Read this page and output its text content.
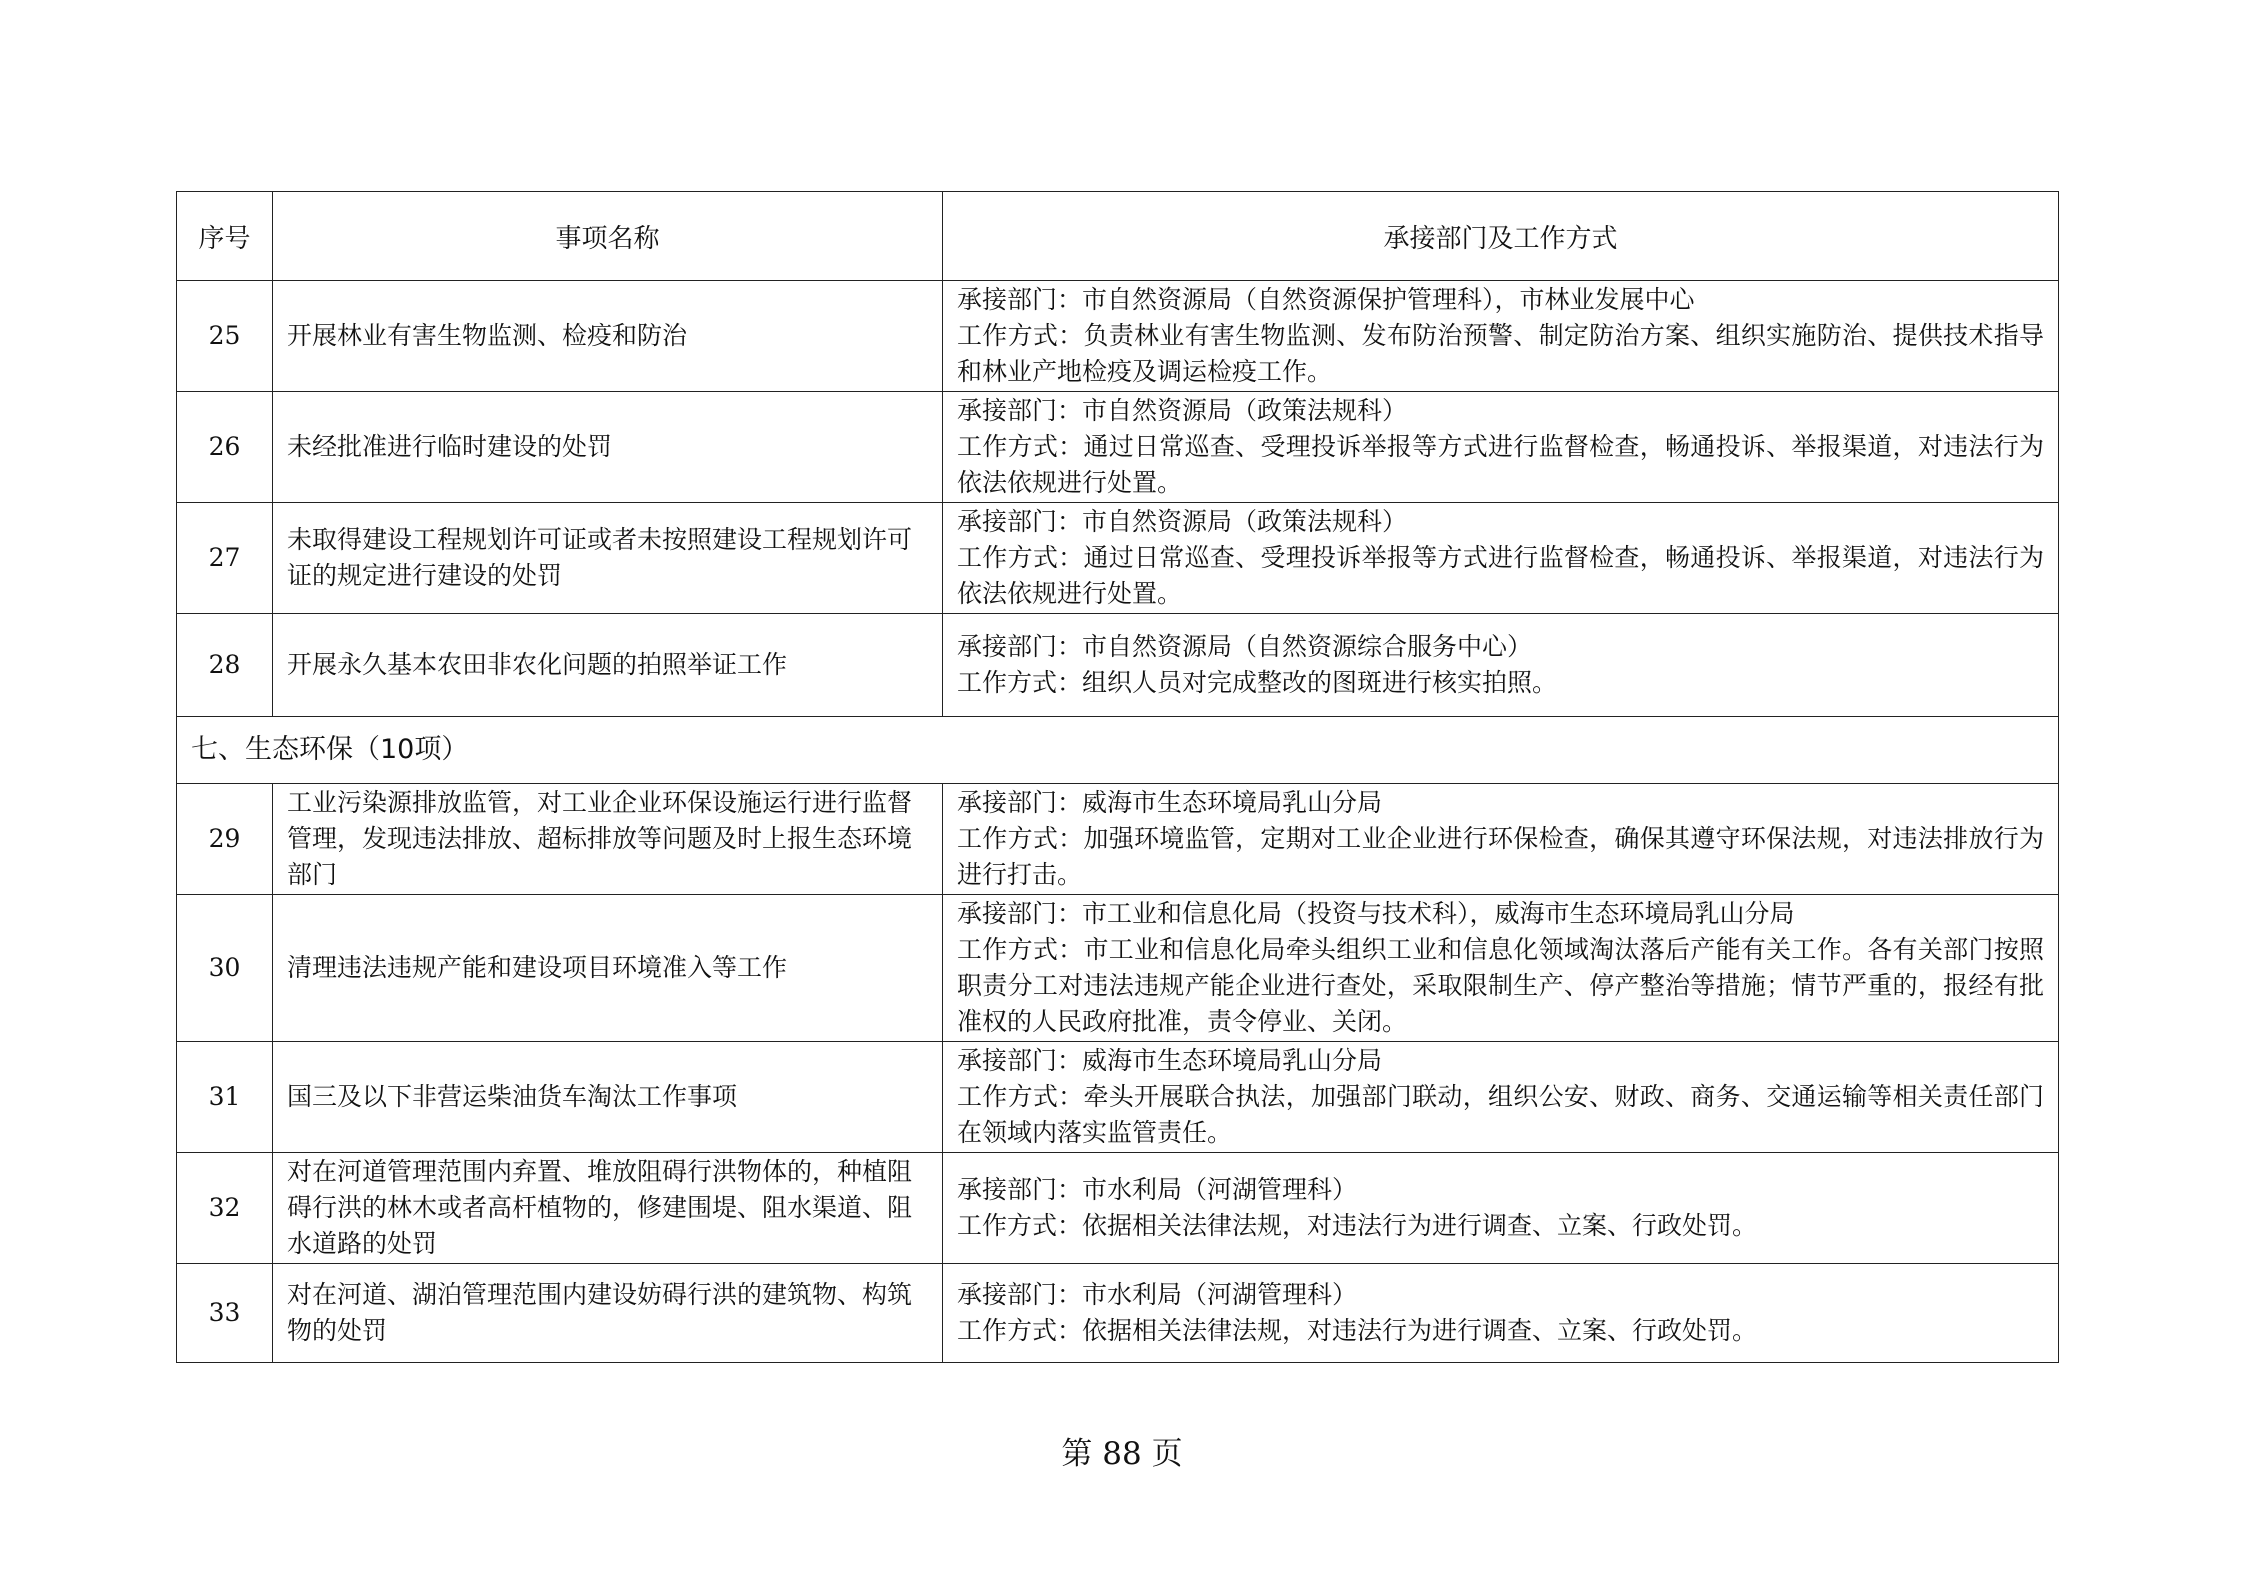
序号	事项名称	承接部门及工作方式
25	开展林业有害生物监测、检疫和防治	承接部门：市自然资源局（自然资源保护管理科），市林业发展中心
工作方式：负责林业有害生物监测、发布防治预警、制定防治方案、组织实施防治、提供技术指导和林业产地检疫及调运检疫工作。

26	未经批准进行临时建设的处罚	承接部门：市自然资源局（政策法规科）
工作方式：通过日常巡查、受理投诉举报等方式进行监督检查，畅通投诉、举报渠道，对违法行为依法依规进行处置。

27	未取得建设工程规划许可证或者未按照建设工程规划许可证的规定进行建设的处罚	承接部门：市自然资源局（政策法规科）
工作方式：通过日常巡查、受理投诉举报等方式进行监督检查，畅通投诉、举报渠道，对违法行为依法依规进行处置。

28	开展永久基本农田非农化问题的拍照举证工作	承接部门：市自然资源局（自然资源综合服务中心）
工作方式：组织人员对完成整改的图斑进行核实拍照。

七、生态环保（10项）		
29	工业污染源排放监管，对工业企业环保设施运行进行监督管理，发现违法排放、超标排放等问题及时上报生态环境部门	承接部门：威海市生态环境局乳山分局
工作方式：加强环境监管，定期对工业企业进行环保检查，确保其遵守环保法规，对违法排放行为进行打击。

30	清理违法违规产能和建设项目环境准入等工作	承接部门：市工业和信息化局（投资与技术科），威海市生态环境局乳山分局
工作方式：市工业和信息化局牵头组织工业和信息化领域淘汰落后产能有关工作。各有关部门按照职责分工对违法违规产能企业进行查处，采取限制生产、停产整治等措施；情节严重的，报经有批准权的人民政府批准，责令停业、关闭。

31	国三及以下非营运柴油货车淘汰工作事项	承接部门：威海市生态环境局乳山分局
工作方式：牵头开展联合执法，加强部门联动，组织公安、财政、商务、交通运输等相关责任部门在领域内落实监管责任。

32	对在河道管理范围内弃置、堆放阻碍行洪物体的，种植阻碍行洪的林木或者高杆植物的，修建围堤、阻水渠道、阻水道路的处罚	承接部门：市水利局（河湖管理科）
工作方式：依据相关法律法规，对违法行为进行调查、立案、行政处罚。

33	对在河道、湖泊管理范围内建设妨碍行洪的建筑物、构筑物的处罚	承接部门：市水利局（河湖管理科）
工作方式：依据相关法律法规，对违法行为进行调查、立案、行政处罚。
第 88 页
